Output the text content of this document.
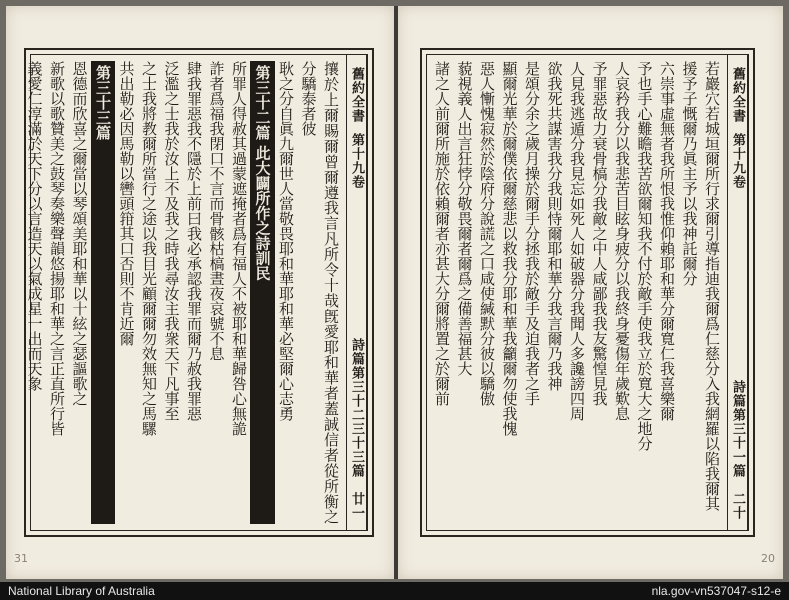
舊約全書
第十九卷
詩篇第三十二三十三篇
廿一
攘於上爾賜爾曾爾遵我言凡所令十哉旣愛耶和華者蓋誠信者從所衡之分驕泰者彼
耿之分自眞九爾世人當敬畏耶和華耶和華必堅爾心志勇
第三十二篇 此大闢所作之詩訓民
所罪人得赦其過蒙遮掩者爲有福人不被耶和華歸咎心無詭
詐者爲福我閉口不言而骨骸枯槁晝夜哀號不息
肆我罪惡我不隱於上前曰我必承認我罪而爾乃赦我罪惡
泛濫之士我於汝上不及我之時我尋汝主我衆天下凡事至
之士我將教爾所當行之途以我目光顧爾爾勿效無知之馬騾
共出勒必因馬勒以轡頭箝其口否則不肯近爾
第三十三篇
恩德而欣喜之爾當以琴頌美耶和華以十絃之瑟謳歌之
新歌以歌贊美之鼓琴奏樂聲韻悠揚耶和華之言正直所行皆
義愛仁淳滿於天下分以言造天以氣成星一出而天象
31
舊約全書
第十九卷
詩篇第三十一篇
二十
若巖穴若城垣爾所行求爾引導指迪我爾爲仁慈分入我網羅以陷我爾其
援予子慨爾乃眞主予以我神託爾分
六崇事虛無者我所恨我惟仰賴耶和華分爾寬仁我喜樂爾
予也手心難瞻我苦欲爾知我不付於敵手使我立於寬大之地分
人哀矜我分以我悲苦目眩身疲分以我終身憂傷年歲歎息
予罪惡故力衰骨槁分我敵之中人咸鄙我我友驚惶見我
人見我逃遁分我見忘如死人如破器分我聞人多讒謗四周
欲我死共謀害我分我則恃爾耶和華分我言爾乃我神
是頌分余之歲月操於爾手分拯我於敵手及迫我者之手
顯爾光華於爾僕依爾慈悲以救我分耶和華我籲爾勿使我愧
惡人慚愧寂然於陰府分說謊之口咸使緘默分彼以驕傲
藐視義人出言狂悖分敬畏爾者爾爲之備善福甚大
諸之人前爾所施於依賴爾者亦甚大分爾將置之於爾前
20
National Library of Australia	nla.gov-vn537047-s12-e
